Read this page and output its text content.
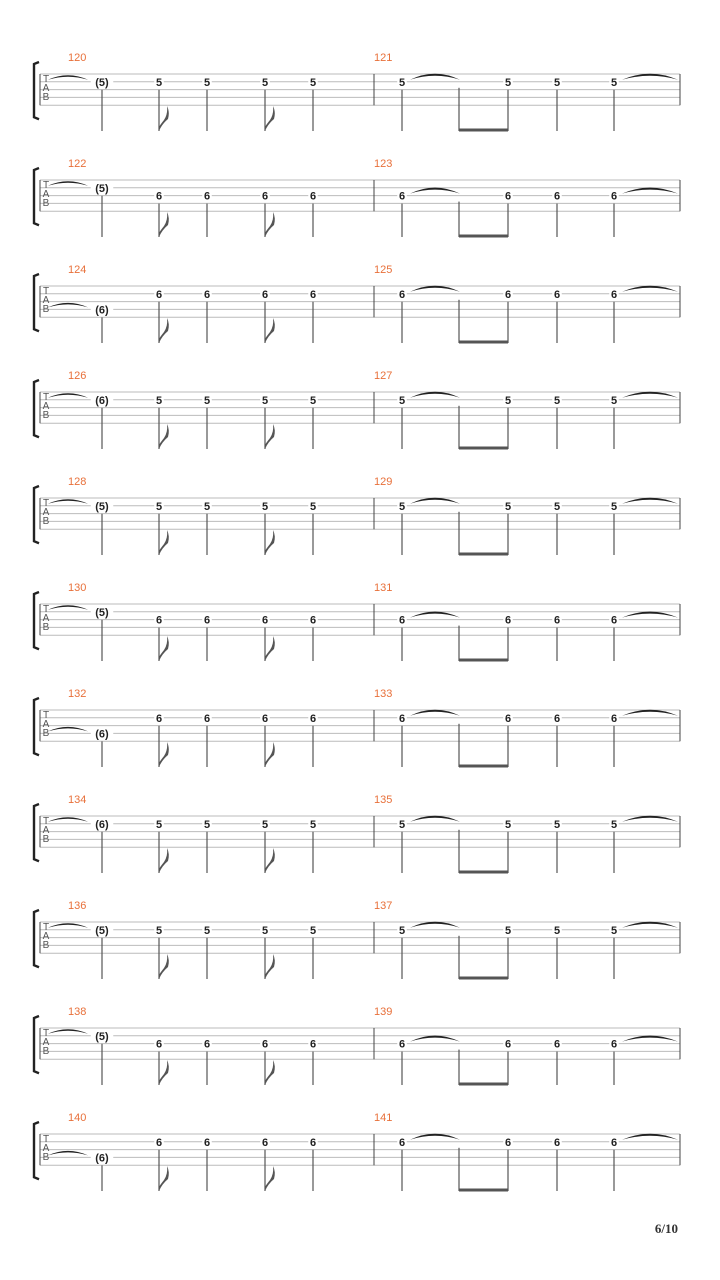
T
A
B
120
(5)	5	5	5	5
121
5	5	5	5
T
A
B
122
(5)
6	6	6	6
123
6	6	6	6
T
A
B
124
(6)
6	6	6	6
125
6	6	6	6
T
A
B
126
(6)	5	5	5	5
127
5	5	5	5
T
A
B
128
(5)	5	5	5	5
129
5	5	5	5
T
A
B
130
(5)
6	6	6	6
131
6	6	6	6
T
A
B
132
(6)
6	6	6	6
133
6	6	6	6
T
A
B
134
(6)	5	5	5	5
135
5	5	5	5
T
A
B
136
(5)	5	5	5	5
137
5	5	5	5
T
A
B
138
(5)
6	6	6	6
139
6	6	6	6
T
A
B
140
(6)
6	6	6	6
141
6	6	6	6
6/10
